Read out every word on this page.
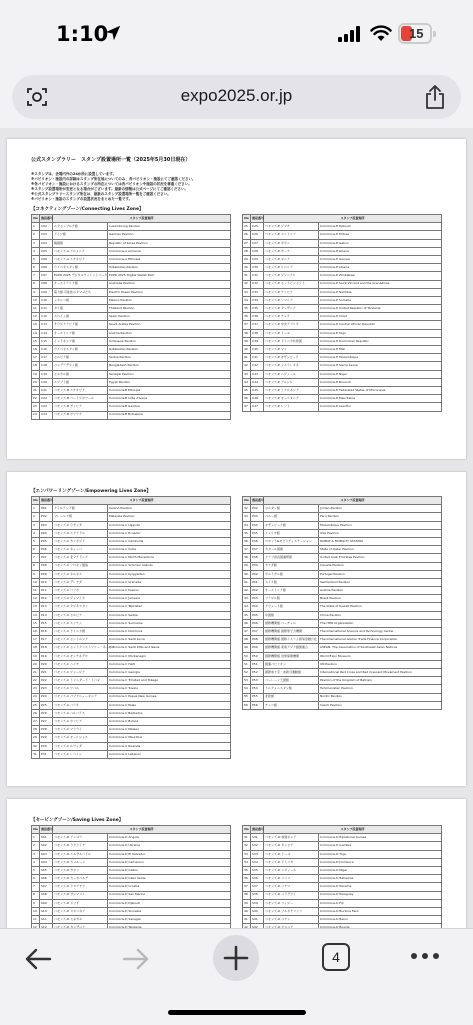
1:10	15
expo2025.or.jp
公式スタンプラリー　スタンプ設置場所一覧（2025年5月30日現在）
※スタンプは、会場内外の24か所に設置しています。
※パビリオン・施設内の詳細はスタンプ所在地についてのみ、各パビリオン・施設にてご確認ください。
※各パビリオン・施設におけるスタンプの所在については各パビリオンや施設の状況を尊重ください。
※スタンプ設置場所が変更となる場合がございます。最新の情報は公式ページにてご確認ください。
※公式スタンプラリースタンプ所在は、最新のスタンプ設置場所一覧をご確認ください。
※パビリオン・施設のスタンプの設置状況をまとめた一覧です。
【コネクティングゾーン/Connecting Lives Zone】
No	施設番号	スタンプ設置場所	
1	C02	ルクセンブルク館	Luxembourg Pavilion
2	C03	ドイツ館	German Pavilion
3	C04	韓国館	Republic of Korea Pavilion
4	C05	コモンズ-A アルメニア	Commons-A Armenia
5	C06	コモンズ-A エチオピア	Commons-A Ethiopia
6	C06	ウズベキスタン館	Uzbekistan Pavilion
7	C07	EXPO 2025 デジタルウォレットパーク	EXPO 2025 Digital Wallet Park
8	C08	オーストラリア館	Australia Pavilion
9	C09	電力館 可能性のタマゴたち	Electric Power Pavilion
10	C10	メキシコ館	Mexico Pavilion
11	C11	タイ館	Thailand Pavilion
12	C12	スペイン館	Spain Pavilion
13	C13	サウジアラビア館	Saudi Arabia Pavilion
14	C14	オーストリア館	Austria Pavilion
15	C15	インドネシア館	Indonesia Pavilion
16	C16	ウズベキスタン館	Uzbekistan Pavilion
17	C17	セルビア館	Serbia Pavilion
18	C18	バングラデシュ館	Bangladesh Pavilion
19	C19	セネガル館	Senegal Pavilion
20	C20	エジプト館	Egypt Pavilion
21	C21	コモンズ-B エチオピア	Commons-B Ethiopia
22	C22	コモンズ-B コートジボワール	Commons-B Côte d'Ivoire
23	C23	コモンズ-B ガンビア	Commons-B Gambia
24	C24	コモンズ-B ボツワナ	Commons-B Botswana
No	施設番号	スタンプ設置場所	
25	C25	コモンズ-E ジブチ	Commons-E Djibouti
26	C26	コモンズ-E エリトリア	Commons-E Eritrea
27	C27	コモンズ-E ガボン	Commons-E Gabon
28	C28	コモンズ-E ガーナ	Commons-E Ghana
29	C29	コモンズ-E ギニア	Commons-E Guinea
30	C30	コモンズ-E リベリア	Commons-E Liberia
31	C31	コモンズ-E ジンバブエ	Commons-E Zimbabwe
32	C32	コモンズ-E セントビンセント	Commons-E Saint Vincent and the Grenadines
33	C33	コモンズ-E ナミビア	Commons-E Namibia
34	C34	コモンズ-E ソマリア	Commons-E Somalia
35	C35	コモンズ-E タンザニア	Commons-E United Republic of Tanzania
36	C36	コモンズ-E チャド	Commons-E Chad
37	C37	コモンズ-E 中央アフリカ	Commons-E Central African Republic
38	C38	コモンズ-E トーゴ	Commons-E Togo
39	C39	コモンズ-E ドミニカ共和国	Commons-E Dominican Republic
40	C40	コモンズ-E マリ	Commons-E Mali
41	C41	コモンズ-E モザンビーク	Commons-E Mozambique
42	C42	コモンズ-E シエラレオネ	Commons-E Sierra Leone
43	C43	コモンズ-E ニジェール	Commons-E Niger
44	C44	コモンズ-E ブルンジ	Commons-E Burundi
45	C45	コモンズ-E ミクロネシア	Commons-E Federated States of Micronesia
46	C46	コモンズ-E モーリタニア	Commons-E Mauritania
47	C47	コモンズ-E レソト	Commons-E Lesotho
【エンパワーリングゾーン/Empowering Lives Zone】
No	施設番号	スタンプ設置場所	
1	P01	アイルランド館	Ireland Pavilion
2	P02	マレーシア館	Malaysia Pavilion
3	P03	コモンズ-C ウガンダ	Commons-C Uganda
4	P04	コモンズ-C エクアドル	Commons-C Ecuador
5	P05	コモンズ-C カンボジア	Commons-C Cambodia
6	P06	コモンズ-C キューバ	Commons-C Cuba
7	P07	コモンズ-C 北マケドニア	Commons-C North Macedonia
8	P08	コモンズ-C ソロモン諸島	Commons-C Solomon Islands
9	P09	コモンズ-C キルギス	Commons-C Kyrgyzstan
10	P10	コモンズ-C グレナダ	Commons-C Grenada
11	P11	コモンズ-C コソボ	Commons-C Kosovo
12	P12	コモンズ-C ジャマイカ	Commons-C Jamaica
13	P13	コモンズ-C タジキスタン	Commons-C Tajikistan
14	P14	コモンズ-C セルビア	Commons-C Serbia
15	P15	コモンズ-C スリナム	Commons-C Suriname
16	P16	コモンズ-C ドミニカ国	Commons-C Dominica
17	P17	コモンズ-C セントルシア	Commons-C Saint Lucia
18	P18	コモンズ-C セントクリストファー・ネービス	Commons-C Saint Kitts and Nevis
19	P19	コモンズ-C モンテネグロ	Commons-C Montenegro
20	P20	コモンズ-C ハイチ	Commons-C Haiti
21	P21	コモンズ-C ジョージア	Commons-C Georgia
22	P22	コモンズ-C トリニダード・トバゴ	Commons-C Trinidad and Tobago
23	P23	コモンズ-C ツバル	Commons-C Tuvalu
24	P24	コモンズ-C パプアニューギニア	Commons-C Papua New Guinea
25	P25	コモンズ-C パラオ	Commons-C Palau
26	P26	コモンズ-C バルバドス	Commons-C Barbados
27	P27	コモンズ-C ボリビア	Commons-C Bolivia
28	P28	コモンズ-C マラウイ	Commons-C Malawi
29	P29	コモンズ-C モーリシャス	Commons-C Mauritius
30	P30	コモンズ-C ルワンダ	Commons-C Rwanda
31	P31	コモンズ-C レバノン	Commons-C Lebanon
No	施設番号	スタンプ設置場所	
32	P32	ヨルダン館	Jordan Pavilion
33	P33	ペルー館	Peru Pavilion
34	P34	モザンビーク館	Mozambique Pavilion
35	P35	アメリカ館	USA Pavilion
36	P36	ロボット&モビリティステーション	ROBOT & MOBILITY STATION
37	P37	カタール国館	State of Qatar Pavilion
38	P38	アラブ首長国連邦館	United Arab Emirates Pavilion
39	P39	カナダ館	Canada Pavilion
40	P40	ポルトガル館	Portugal Pavilion
41	P41	スイス館	Switzerland Pavilion
42	P42	オーストリア館	Austria Pavilion
43	P43	ブラジル館	Brazil Pavilion
44	P44	クウェート館	The State of Kuwait Pavilion
45	P45	中国館	China Pavilion
46	P46	国際機関館 バーチャル	The ITER Organization
47	P47	国際機関館 国際原子力機関	The International Science and Technology Center
48	P48	国際機関館 国際イスラム貿易金融公社	The International Islamic Trade Finance Corporation
49	P49	国際機関館 東南アジア諸国連合	ASEAN: The Association of Southeast Asian Nations
50	P50	国際機関館 世界保健機関	World Expo Museum
51	P51	国連パビリオン	UN Pavilion
52	P52	国際赤十字・赤新月運動館	International Red Cross and Red Crescent Movement Pavilion
53	P53	バーレーン王国館	Pavilion of the Kingdom of Bahrain
54	P54	トルクメニスタン館	Turkmenistan Pavilion
55	P55	北欧館	Nordic Pavilion
56	P56	チェコ館	Czech Pavilion
【セービングゾーン/Saving Lives Zone】
No	施設番号	スタンプ設置場所	
1	S01	コモンズ-D アンゴラ	Commons-D Angola
2	S02	コモンズ-D ウクライナ	Commons-D Ukraine
3	S03	コモンズ-D エルサルバドル	Commons-D El Salvador
4	S04	コモンズ-D カメルーン	Commons-D Cameroon
5	S05	コモンズ-D ガボン	Commons-D Gabon
6	S06	コモンズ-D カーボベルデ	Commons-D Cabo Verde
7	S07	コモンズ-D クロアチア	Commons-D Croatia
8	S08	コモンズ-D サンマリノ	Commons-D San Marino
9	S09	コモンズ-D ジブチ	Commons-D Djibouti
10	S10	コモンズ-D スロバキア	Commons-D Slovakia
11	S11	コモンズ-D セネガル	Commons-D Senegal

No	施設番号	スタンプ設置場所	
31	S31	コモンズ-D 赤道ギニア	Commons-D Equatorial Guinea
32	S32	コモンズ-D ガンビア	Commons-D Gambia
33	S33	コモンズ-D トーゴ	Commons-D Togo
34	S34	コモンズ-D ドミニカ	Commons-D Dominica
35	S35	コモンズ-D ニジェール	Commons-D Niger
36	S36	コモンズ-D バハマ	Commons-D Bahamas
37	S37	コモンズ-D パナマ	Commons-D Panama
38	S38	コモンズ-D パラグアイ	Commons-D Paraguay
39	S39	コモンズ-D フィジー	Commons-D Fiji
40	S40	コモンズ-D ブルキナファソ	Commons-D Burkina Faso
41	S41	コモンズ-D ベナン	Commons-D Benin

4
